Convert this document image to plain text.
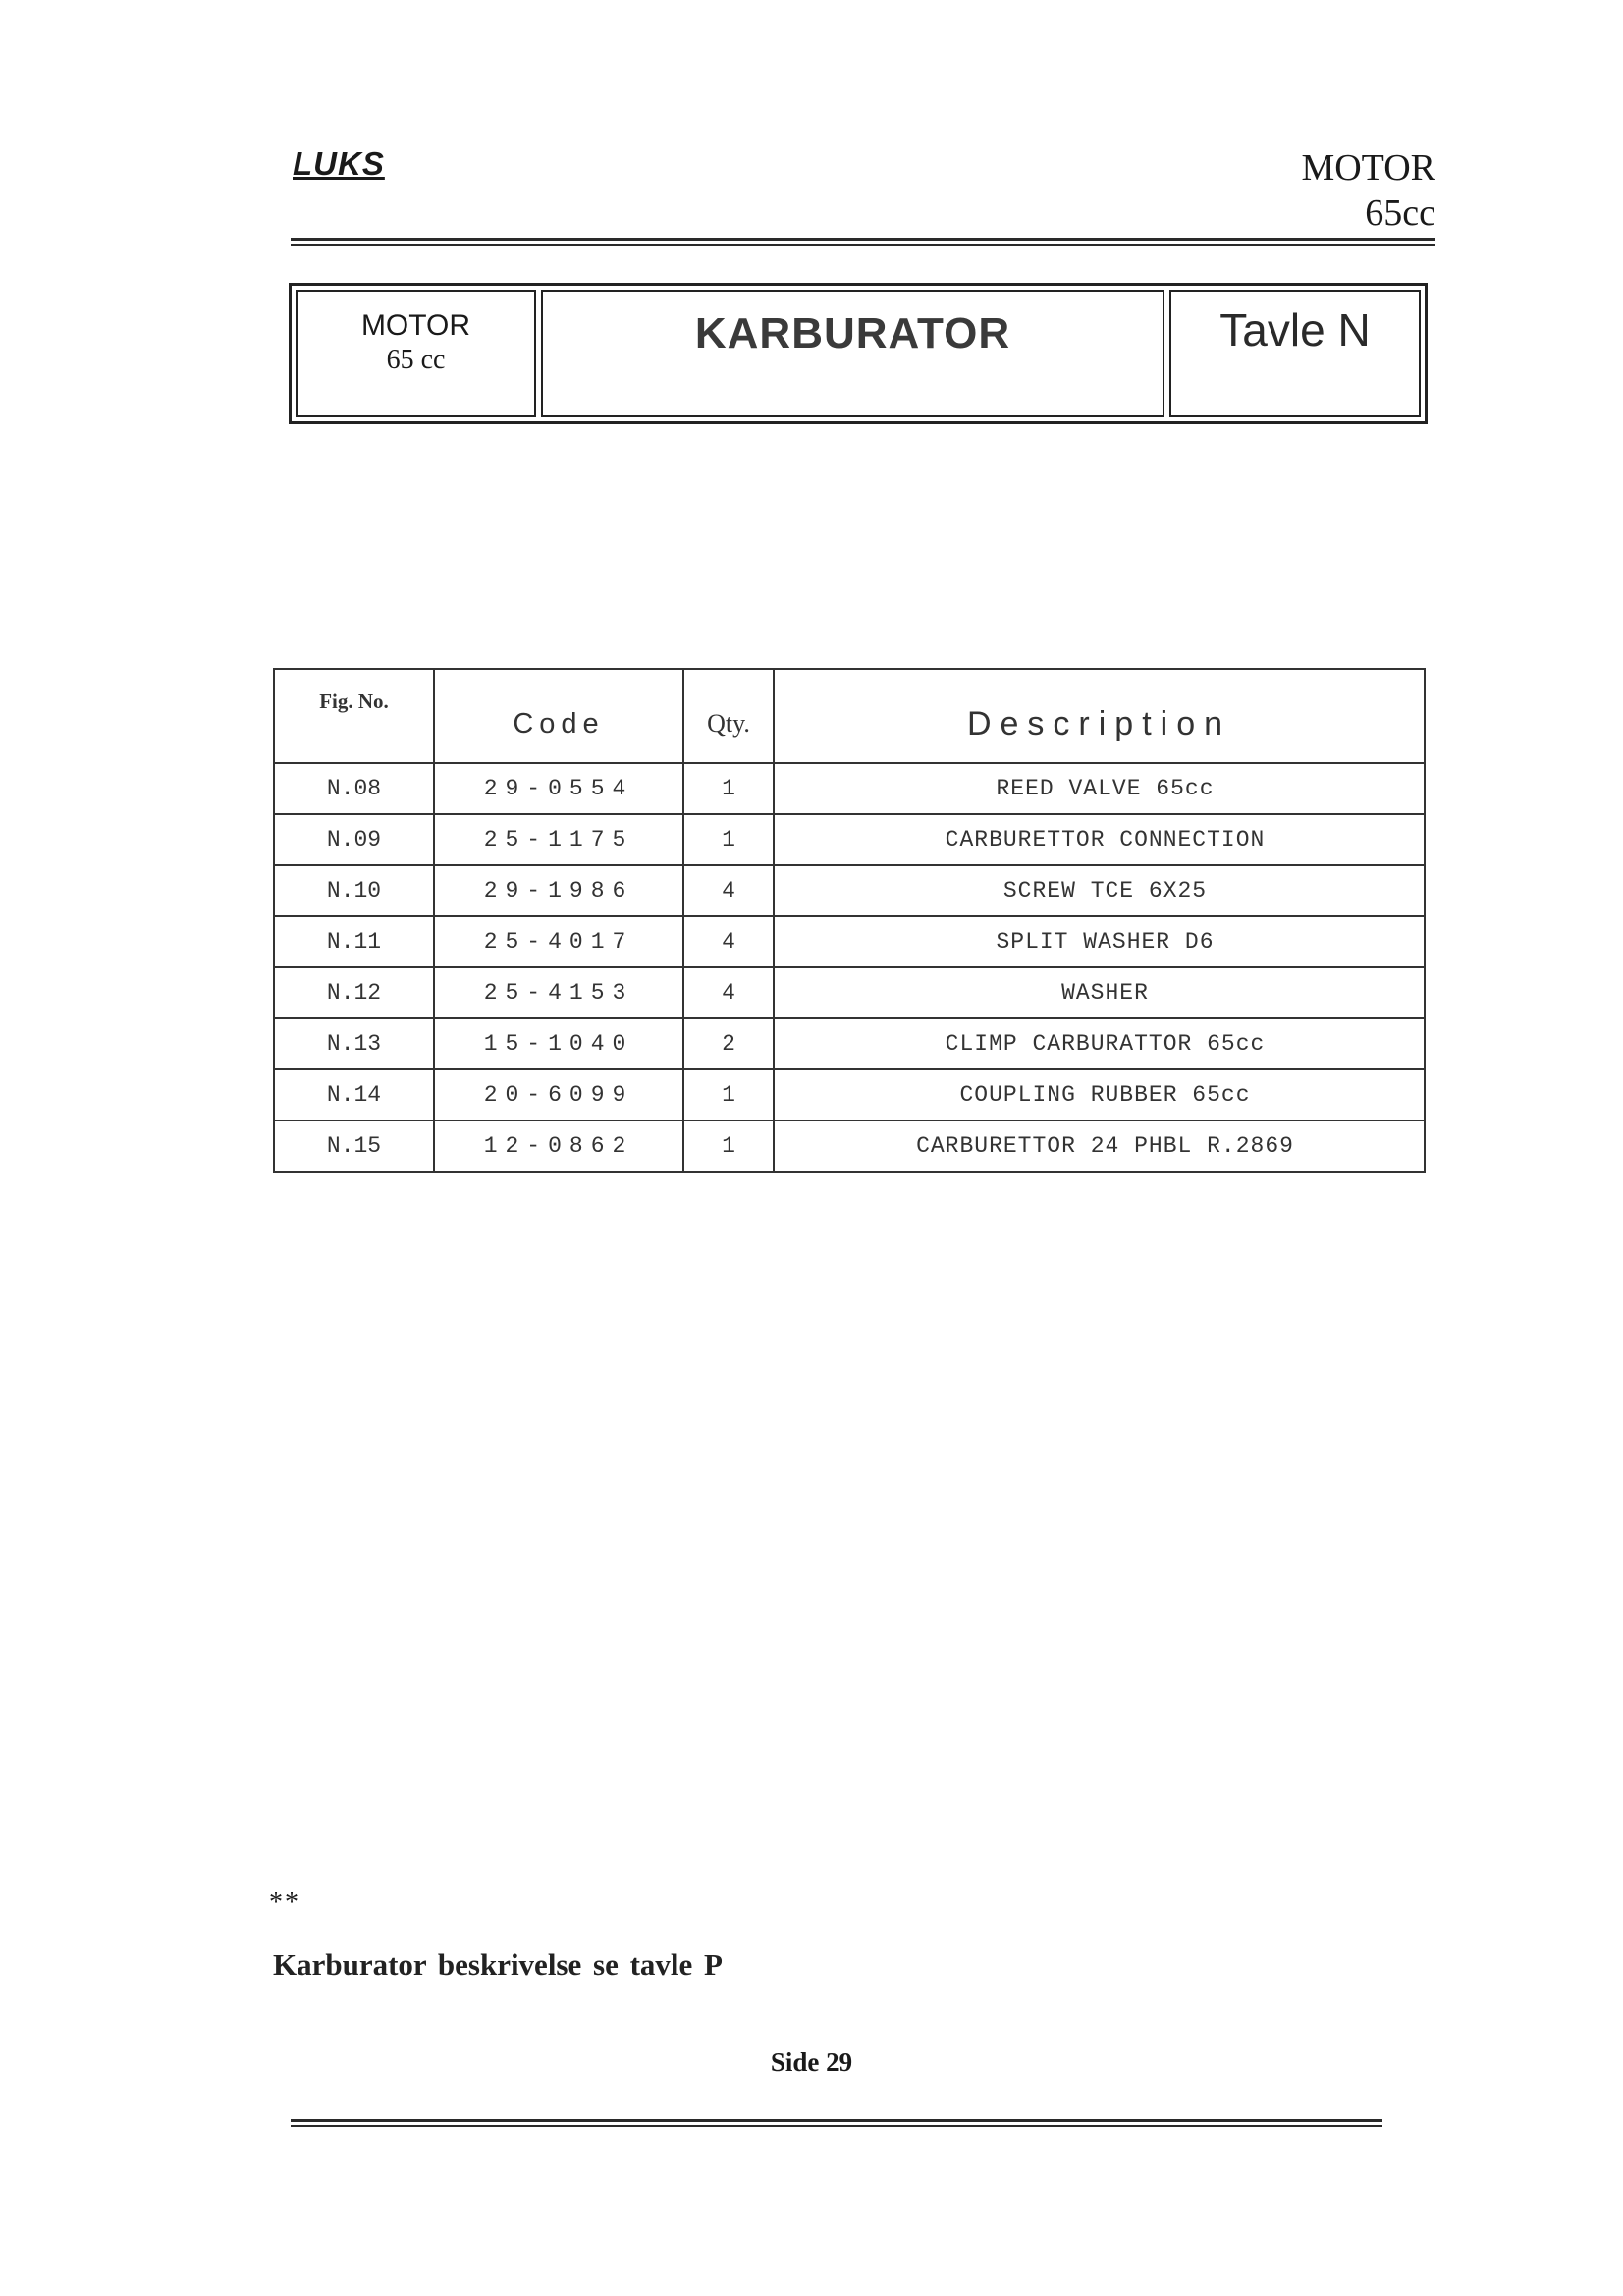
LUKS	MOTOR
65cc
MOTOR
65 cc
KARBURATOR	Tavle N
Fig. No.	Code	Qty.	Description
N.08	29-0554	1	REED VALVE 65cc
N.09	25-1175	1	CARBURETTOR CONNECTION
N.10	29-1986	4	SCREW TCE 6X25
N.11	25-4017	4	SPLIT WASHER D6
N.12	25-4153	4	WASHER
N.13	15-1040	2	CLIMP CARBURATTOR 65cc
N.14	20-6099	1	COUPLING RUBBER 65cc
N.15	12-0862	1	CARBURETTOR 24 PHBL R.2869
**
Karburator beskrivelse se tavle P
Side 29
